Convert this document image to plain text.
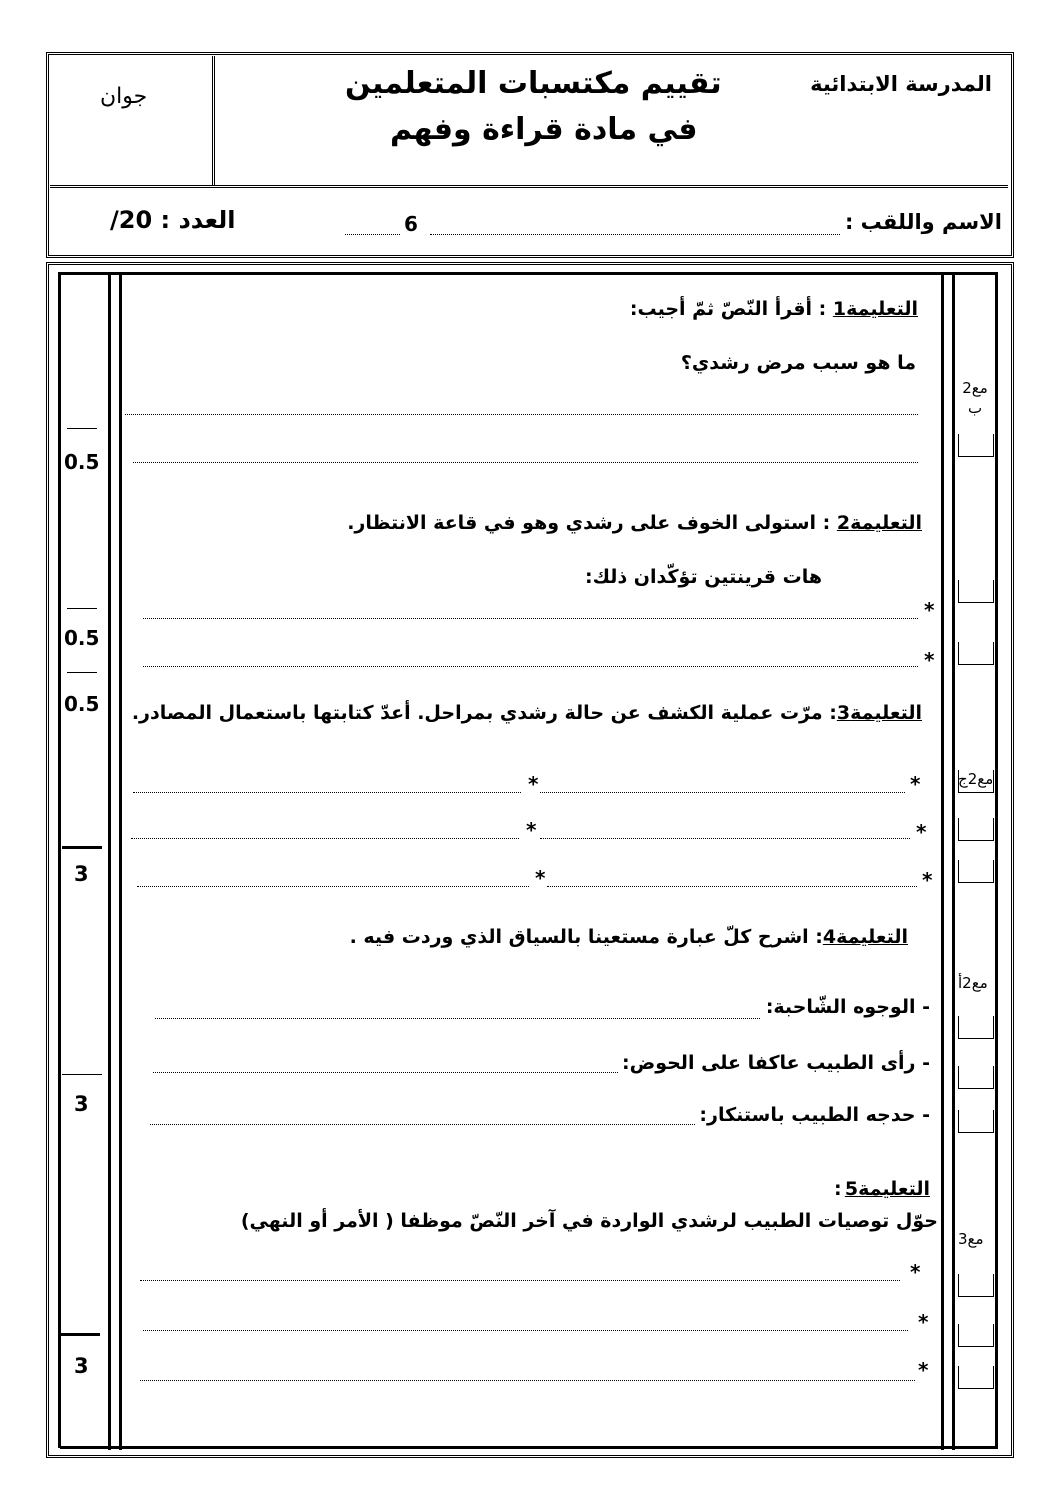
المدرسة الابتدائية
تقييم مكتسبات المتعلمين
في مادة قراءة وفهم
جوان
الاسم واللقب :
6
العدد : 20/
التعليمة1 : أقرأ النّصّ ثمّ أجيب:
ما هو سبب مرض رشدي؟
مع2
ب
0.5
التعليمة2 : استولى الخوف على رشدي وهو في قاعة الانتظار.
هات قرينتين تؤكّدان ذلك:
*
*
0.5
0.5	التعليمة3: مرّت عملية الكشف عن حالة رشدي بمراحل. أعدّ كتابتها باستعمال المصادر.
مع2ج
*
*
*
*
*
*
3
التعليمة4: اشرح كلّ عبارة مستعينا بالسياق الذي وردت فيه .
مع2أ
- الوجوه الشّاحبة:
- رأى الطبيب عاكفا على الحوض:
- حدجه الطبيب باستنكار:
3
التعليمة5
:
حوّل توصيات الطبيب لرشدي الواردة في آخر النّصّ موظفا ( الأمر أو النهي)
مع3
*
*
*
3
